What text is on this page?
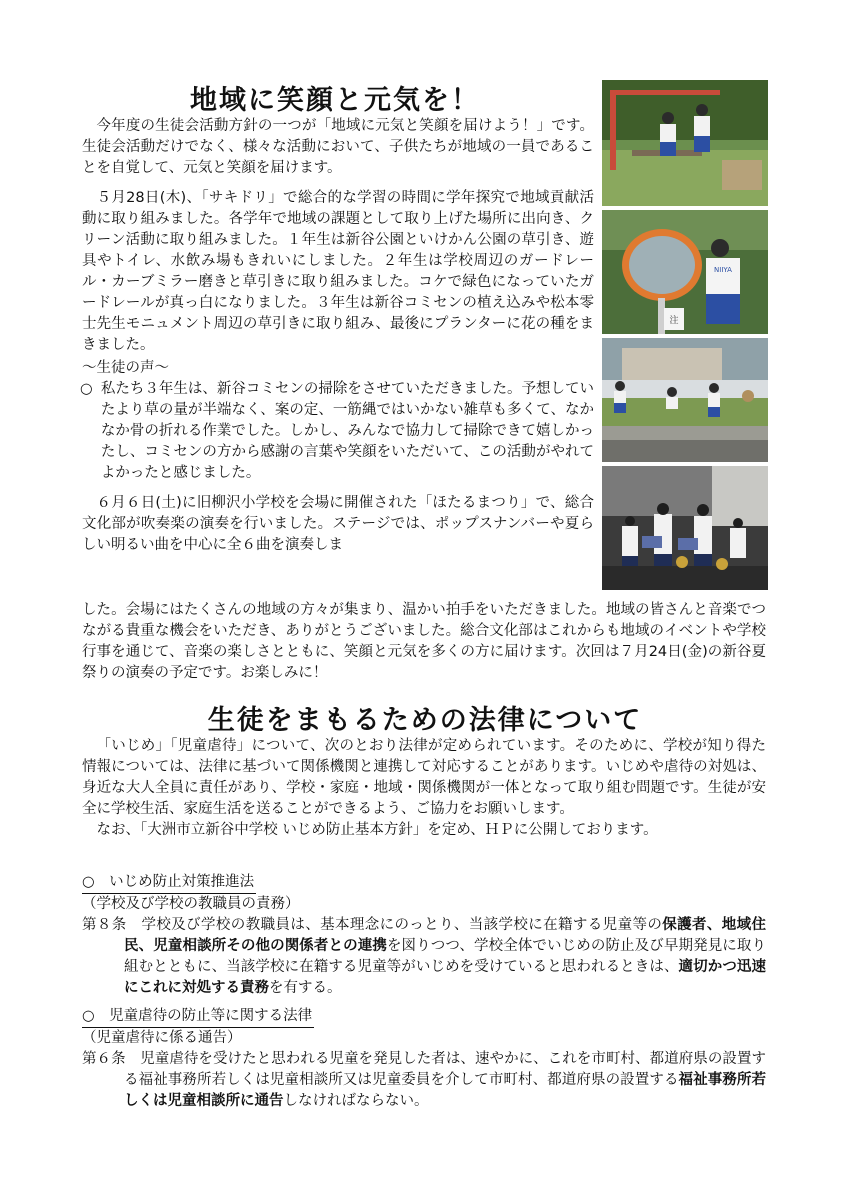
地域に笑顔と元気を！

今年度の生徒会活動方針の一つが「地域に元気と笑顔を届けよう！」です。生徒会活動だけでなく、様々な活動において、子供たちが地域の一員であることを自覚して、元気と笑顔を届けます。

５月28日(木)、「サキドリ」で総合的な学習の時間に学年探究で地域貢献活動に取り組みました。各学年で地域の課題として取り上げた場所に出向き、クリーン活動に取り組みました。１年生は新谷公園といけかん公園の草引き、遊具やトイレ、水飲み場もきれいにしました。２年生は学校周辺のガードレール・カーブミラー磨きと草引きに取り組みました。コケで緑色になっていたガードレールが真っ白になりました。３年生は新谷コミセンの植え込みや松本零士先生モニュメント周辺の草引きに取り組み、最後にプランターに花の種をまきました。

～生徒の声～

○ 私たち３年生は、新谷コミセンの掃除をさせていただきました。予想していたより草の量が半端なく、案の定、一筋縄ではいかない雑草も多くて、なかなか骨の折れる作業でした。しかし、みんなで協力して掃除できて嬉しかったし、コミセンの方から感謝の言葉や笑顔をいただいて、この活動がやれてよかったと感じました。

６月６日(土)に旧柳沢小学校を会場に開催された「ほたるまつり」で、総合文化部が吹奏楽の演奏を行いました。ステージでは、ポップスナンバーや夏らしい明るい曲を中心に全６曲を演奏しま

した。会場にはたくさんの地域の方々が集まり、温かい拍手をいただきました。地域の皆さんと音楽でつながる貴重な機会をいただき、ありがとうございました。総合文化部はこれからも地域のイベントや学校行事を通じて、音楽の楽しさとともに、笑顔と元気を多くの方に届けます。次回は７月24日(金)の新谷夏祭りの演奏の予定です。お楽しみに！

NIIYA
注
生徒をまもるための法律について

「いじめ」「児童虐待」について、次のとおり法律が定められています。そのために、学校が知り得た情報については、法律に基づいて関係機関と連携して対応することがあります。いじめや虐待の対処は、身近な大人全員に責任があり、学校・家庭・地域・関係機関が一体となって取り組む問題です。生徒が安全に学校生活、家庭生活を送ることができるよう、ご協力をお願いします。

なお、「大洲市立新谷中学校 いじめ防止基本方針」を定め、ＨＰに公開しております。

○　いじめ防止対策推進法
（学校及び学校の教職員の責務）

第８条　学校及び学校の教職員は、基本理念にのっとり、当該学校に在籍する児童等の保護者、地域住民、児童相談所その他の関係者との連携を図りつつ、学校全体でいじめの防止及び早期発見に取り組むとともに、当該学校に在籍する児童等がいじめを受けていると思われるときは、適切かつ迅速にこれに対処する責務を有する。

○　児童虐待の防止等に関する法律
（児童虐待に係る通告）

第６条　児童虐待を受けたと思われる児童を発見した者は、速やかに、これを市町村、都道府県の設置する福祉事務所若しくは児童相談所又は児童委員を介して市町村、都道府県の設置する福祉事務所若しくは児童相談所に通告しなければならない。
